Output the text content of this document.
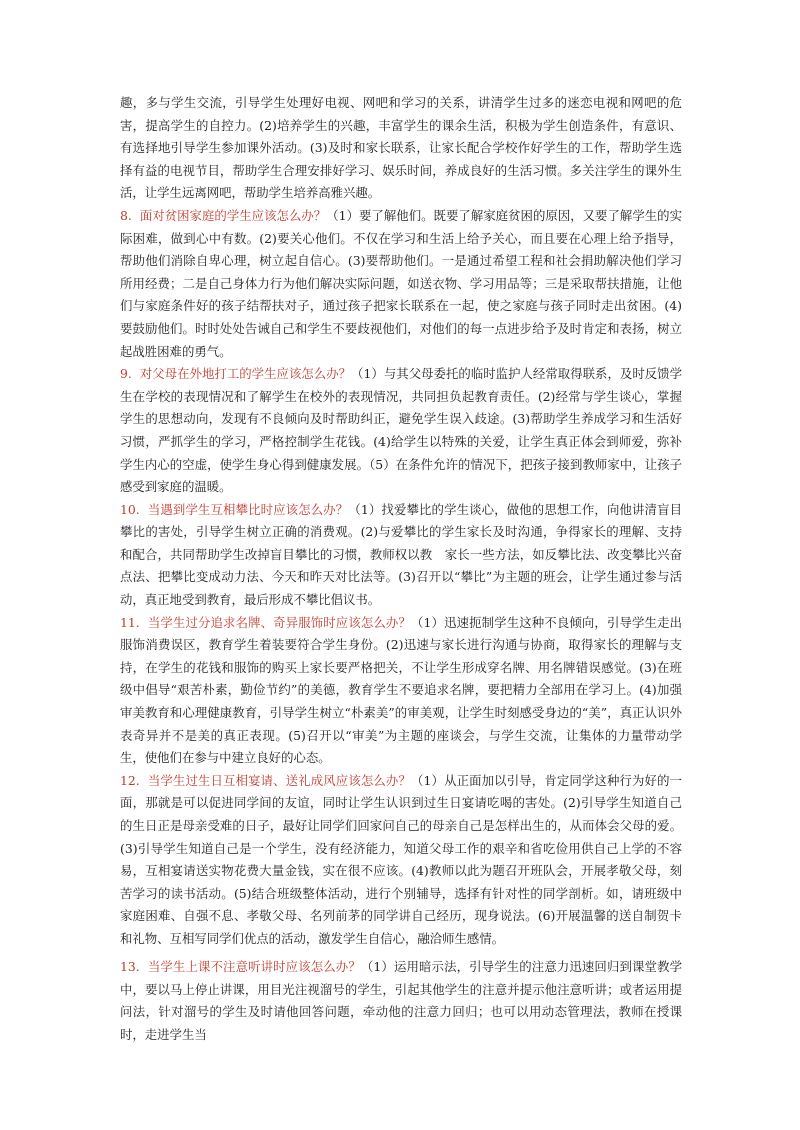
趣，多与学生交流，引导学生处理好电视、网吧和学习的关系，讲清学生过多的迷恋电视和网吧的危害，提高学生的自控力。(2)培养学生的兴趣，丰富学生的课余生活，积极为学生创造条件，有意识、有选择地引导学生参加课外活动。(3)及时和家长联系，让家长配合学校作好学生的工作，帮助学生选择有益的电视节目，帮助学生合理安排好学习、娱乐时间，养成良好的生活习惯。多关注学生的课外生活，让学生远离网吧，帮助学生培养高雅兴趣。

8. 面对贫困家庭的学生应该怎么办？（1）要了解他们。既要了解家庭贫困的原因，又要了解学生的实际困难，做到心中有数。(2)要关心他们。不仅在学习和生活上给予关心，而且要在心理上给予指导，帮助他们消除自卑心理，树立起自信心。(3)要帮助他们。一是通过希望工程和社会捐助解决他们学习所用经费；二是自己身体力行为他们解决实际问题，如送衣物、学习用品等；三是采取帮扶措施，让他们与家庭条件好的孩子结帮扶对子，通过孩子把家长联系在一起，使之家庭与孩子同时走出贫困。(4)要鼓励他们。时时处处告诫自己和学生不要歧视他们，对他们的每一点进步给予及时肯定和表扬，树立起战胜困难的勇气。

9. 对父母在外地打工的学生应该怎么办？（1）与其父母委托的临时监护人经常取得联系，及时反馈学生在学校的表现情况和了解学生在校外的表现情况，共同担负起教育责任。(2)经常与学生谈心，掌握学生的思想动向，发现有不良倾向及时帮助纠正，避免学生误入歧途。(3)帮助学生养成学习和生活好习惯，严抓学生的学习，严格控制学生花钱。(4)给学生以特殊的关爱，让学生真正体会到师爱，弥补学生内心的空虚，使学生身心得到健康发展。（5）在条件允许的情况下，把孩子接到教师家中，让孩子感受到家庭的温暖。

10. 当遇到学生互相攀比时应该怎么办？（1）找爱攀比的学生谈心，做他的思想工作，向他讲清盲目攀比的害处，引导学生树立正确的消费观。(2)与爱攀比的学生家长及时沟通，争得家长的理解、支持和配合，共同帮助学生改掉盲目攀比的习惯，教师权以教　家长一些方法，如反攀比法、改变攀比兴奋点法、把攀比变成动力法、今天和昨天对比法等。(3)召开以“攀比”为主题的班会，让学生通过参与活动，真正地受到教育，最后形成不攀比倡议书。

11. 当学生过分追求名牌、奇异服饰时应该怎么办？（1）迅速扼制学生这种不良倾向，引导学生走出服饰消费误区，教育学生着装要符合学生身份。(2)迅速与家长进行沟通与协商，取得家长的理解与支持，在学生的花钱和服饰的购买上家长要严格把关，不让学生形成穿名牌、用名牌错误感觉。(3)在班级中倡导“艰苦朴素，勤俭节约”的美德，教育学生不要追求名牌，要把精力全部用在学习上。(4)加强审美教育和心理健康教育，引导学生树立“朴素美”的审美观，让学生时刻感受身边的“美”，真正认识外表奇异并不是美的真正表现。(5)召开以“审美”为主题的座谈会，与学生交流，让集体的力量带动学生，使他们在参与中建立良好的心态。

12. 当学生过生日互相宴请、送礼成风应该怎么办？（1）从正面加以引导，肯定同学这种行为好的一面，那就是可以促进同学间的友谊，同时让学生认识到过生日宴请吃喝的害处。(2)引导学生知道自己的生日正是母亲受难的日子，最好让同学们回家问自己的母亲自己是怎样出生的，从而体会父母的爱。(3)引导学生知道自己是一个学生，没有经济能力，知道父母工作的艰辛和省吃俭用供自己上学的不容易，互相宴请送实物花费大量金钱，实在很不应该。(4)教师以此为题召开班队会，开展孝敬父母，刻苦学习的读书活动。(5)结合班级整体活动，进行个别辅导，选择有针对性的同学剖析。如，请班级中家庭困难、自强不息、孝敬父母、名列前茅的同学讲自己经历，现身说法。(6)开展温馨的送自制贺卡和礼物、互相写同学们优点的活动，激发学生自信心，融洽师生感情。

13. 当学生上课不注意听讲时应该怎么办？（1）运用暗示法，引导学生的注意力迅速回归到课堂教学中，要以马上停止讲课，用目光注视溜号的学生，引起其他学生的注意并提示他注意听讲；或者运用提问法，针对溜号的学生及时请他回答问题，牵动他的注意力回归；也可以用动态管理法，教师在授课时，走进学生当
